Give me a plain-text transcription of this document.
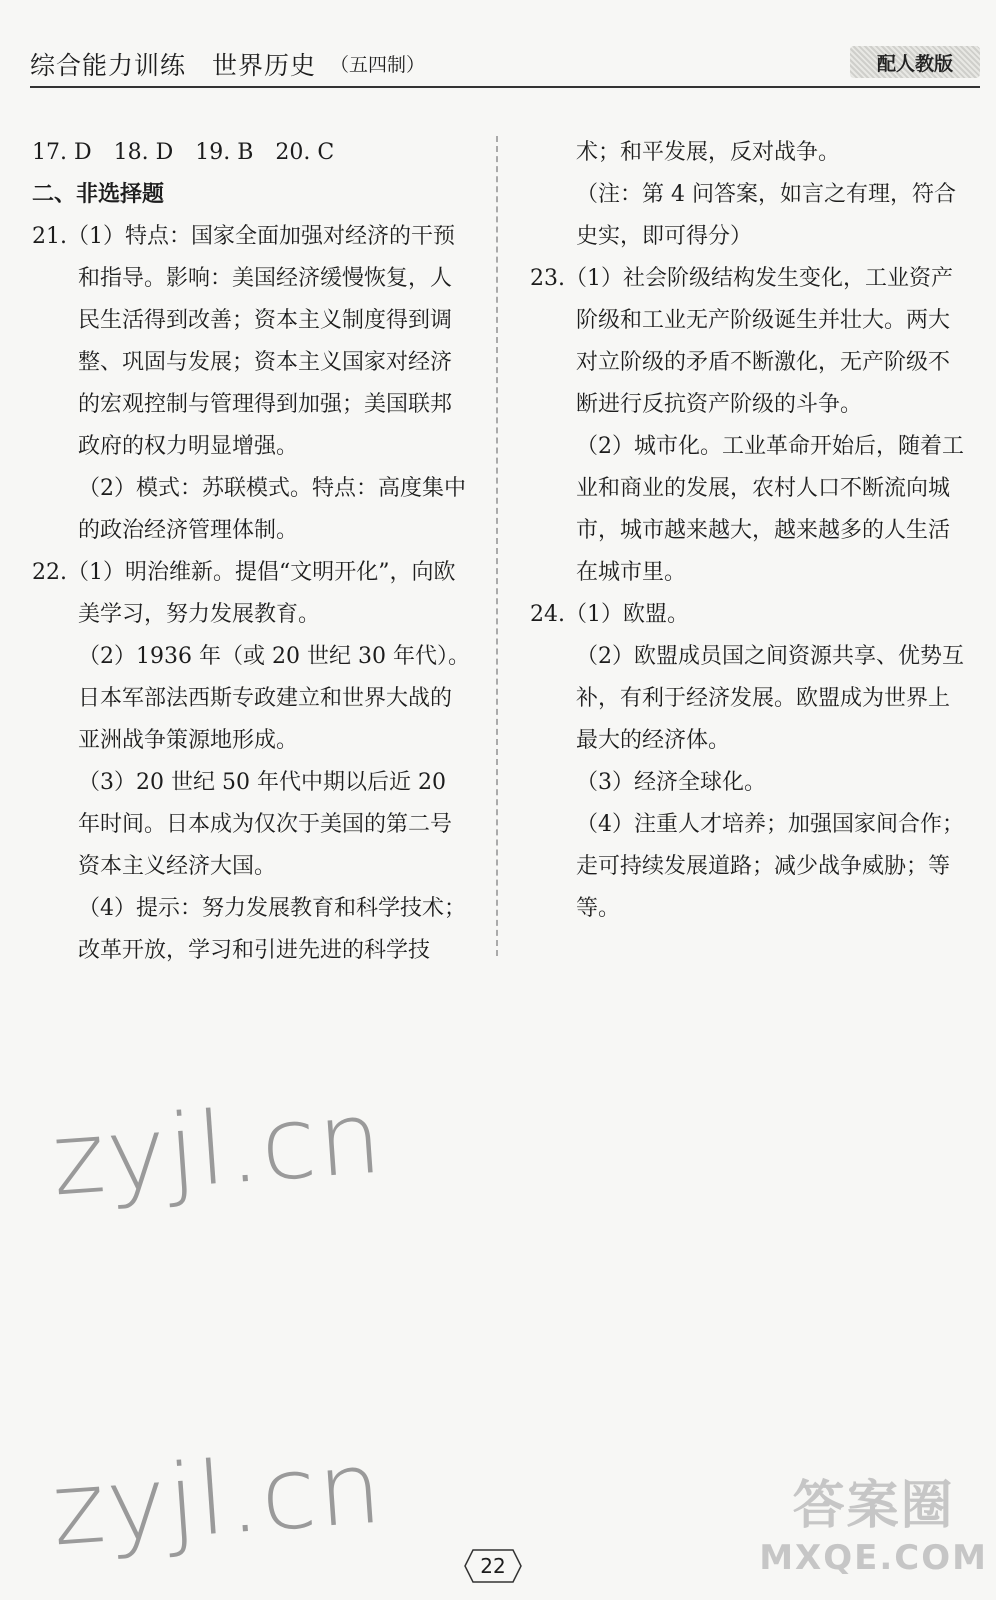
综合能力训练　世界历史 （五四制）	配人教版

17. D　18. D　19. B　20. C

二、非选择题

21.（1）特点：国家全面加强对经济的干预和指导。影响：美国经济缓慢恢复，人民生活得到改善；资本主义制度得到调整、巩固与发展；资本主义国家对经济的宏观控制与管理得到加强；美国联邦政府的权力明显增强。

（2）模式：苏联模式。特点：高度集中的政治经济管理体制。

22.（1）明治维新。提倡“文明开化”，向欧美学习，努力发展教育。

（2）1936 年（或 20 世纪 30 年代）。日本军部法西斯专政建立和世界大战的亚洲战争策源地形成。

（3）20 世纪 50 年代中期以后近 20 年时间。日本成为仅次于美国的第二号资本主义经济大国。

（4）提示：努力发展教育和科学技术；改革开放，学习和引进先进的科学技

术；和平发展，反对战争。

（注：第 4 问答案，如言之有理，符合史实，即可得分）

23.（1）社会阶级结构发生变化，工业资产阶级和工业无产阶级诞生并壮大。两大对立阶级的矛盾不断激化，无产阶级不断进行反抗资产阶级的斗争。

（2）城市化。工业革命开始后，随着工业和商业的发展，农村人口不断流向城市，城市越来越大，越来越多的人生活在城市里。

24.（1）欧盟。

（2）欧盟成员国之间资源共享、优势互补，有利于经济发展。欧盟成为世界上最大的经济体。

（3）经济全球化。

（4）注重人才培养；加强国家间合作；走可持续发展道路；减少战争威胁；等等。

zyjl.cn
zyjl.cn	答案圈
MXQE.COM
22
